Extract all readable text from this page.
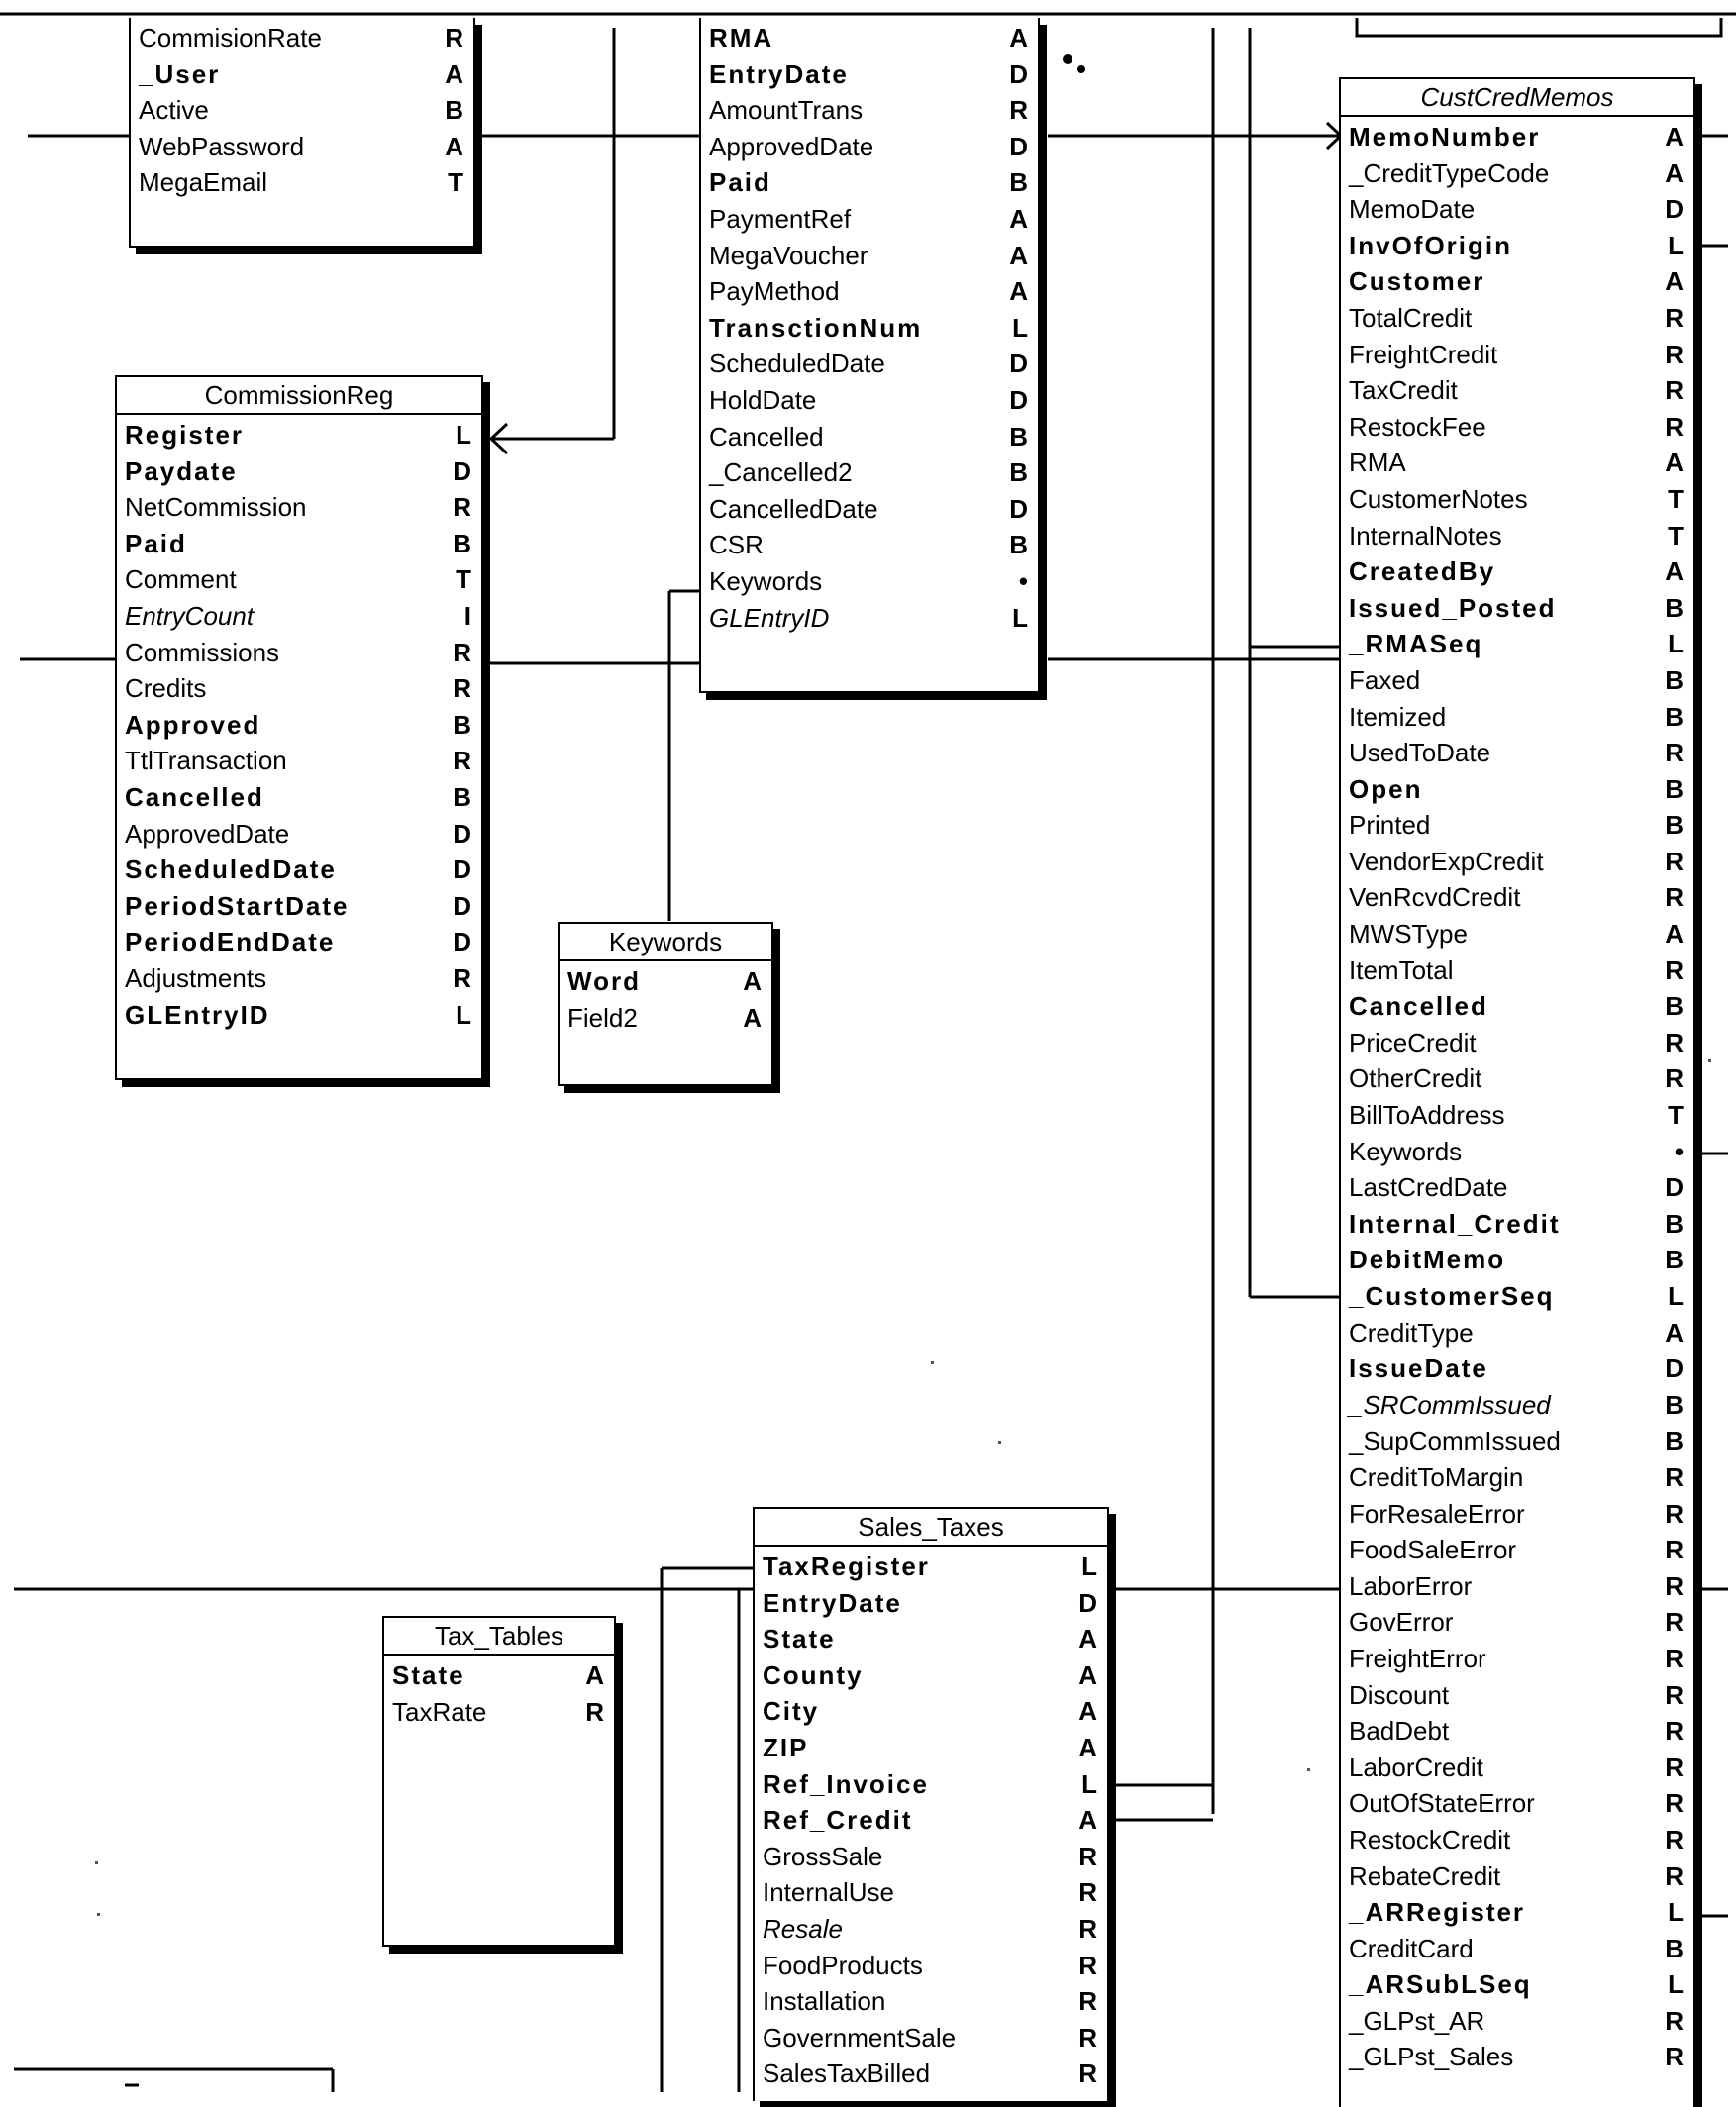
CommisionRate	R
_User	A
Active	B
WebPassword	A
MegaEmail	T
CommissionReg
Register	L
Paydate	D
NetCommission	R
Paid	B
Comment	T
EntryCount	I
Commissions	R
Credits	R
Approved	B
TtlTransaction	R
Cancelled	B
ApprovedDate	D
ScheduledDate	D
PeriodStartDate	D
PeriodEndDate	D
Adjustments	R
GLEntryID	L
RMA	A
EntryDate	D
AmountTrans	R
ApprovedDate	D
Paid	B
PaymentRef	A
MegaVoucher	A
PayMethod	A
TransctionNum	L
ScheduledDate	D
HoldDate	D
Cancelled	B
_Cancelled2	B
CancelledDate	D
CSR	B
Keywords	•
GLEntryID	L
Keywords
Word	A
Field2	A
Tax_Tables
State	A
TaxRate	R
Sales_Taxes
TaxRegister	L
EntryDate	D
State	A
County	A
City	A
ZIP	A
Ref_Invoice	L
Ref_Credit	A
GrossSale	R
InternalUse	R
Resale	R
FoodProducts	R
Installation	R
GovernmentSale	R
SalesTaxBilled	R
CustCredMemos
MemoNumber	A
_CreditTypeCode	A
MemoDate	D
InvOfOrigin	L
Customer	A
TotalCredit	R
FreightCredit	R
TaxCredit	R
RestockFee	R
RMA	A
CustomerNotes	T
InternalNotes	T
CreatedBy	A
Issued_Posted	B
_RMASeq	L
Faxed	B
Itemized	B
UsedToDate	R
Open	B
Printed	B
VendorExpCredit	R
VenRcvdCredit	R
MWSType	A
ItemTotal	R
Cancelled	B
PriceCredit	R
OtherCredit	R
BillToAddress	T
Keywords	•
LastCredDate	D
Internal_Credit	B
DebitMemo	B
_CustomerSeq	L
CreditType	A
IssueDate	D
_SRCommIssued	B
_SupCommIssued	B
CreditToMargin	R
ForResaleError	R
FoodSaleError	R
LaborError	R
GovError	R
FreightError	R
Discount	R
BadDebt	R
LaborCredit	R
OutOfStateError	R
RestockCredit	R
RebateCredit	R
_ARRegister	L
CreditCard	B
_ARSubLSeq	L
_GLPst_AR	R
_GLPst_Sales	R
